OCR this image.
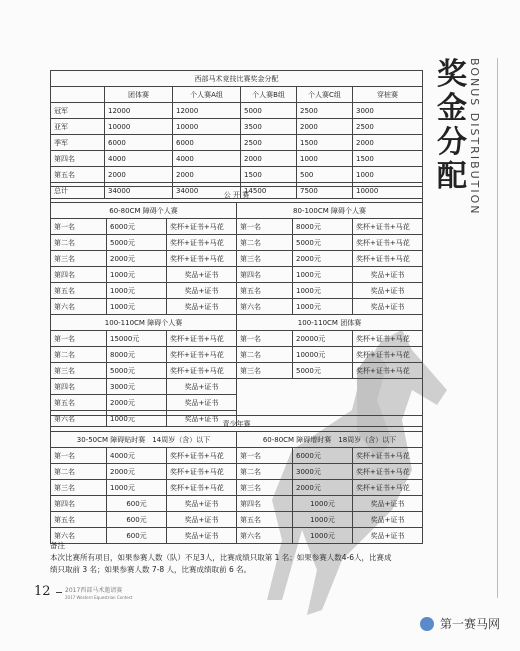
奖
金
分
配 BONUS DISTRIBUTION
西部马术竞技比赛奖金分配					
	团体赛	个人赛A组	个人赛B组	个人赛C组	穿桩赛
冠军	12000	12000	5000	2500	3000
亚军	10000	10000	3500	2000	2500
季军	6000	6000	2500	1500	2000
第四名	4000	4000	2000	1000	1500
第五名	2000	2000	1500	500	1000
总计	34000	34000	14500	7500	10000
公 开 赛					
60-80CM 障碍个人赛			80-100CM 障碍个人赛		
第一名	6000元	奖杯+证书+马花	第一名	8000元	奖杯+证书+马花
第二名	5000元	奖杯+证书+马花	第二名	5000元	奖杯+证书+马花
第三名	2000元	奖杯+证书+马花	第三名	2000元	奖杯+证书+马花
第四名	1000元	奖品+证书	第四名	1000元	奖品+证书
第五名	1000元	奖品+证书	第五名	1000元	奖品+证书
第六名	1000元	奖品+证书	第六名	1000元	奖品+证书
100-110CM 障碍个人赛			100-110CM 团体赛		
第一名	15000元	奖杯+证书+马花	第一名	20000元	奖杯+证书+马花
第二名	8000元	奖杯+证书+马花	第二名	10000元	奖杯+证书+马花
第三名	5000元	奖杯+证书+马花	第三名	5000元	奖杯+证书+马花
第四名	3000元	奖品+证书			
第五名	2000元	奖品+证书			
第六名	1000元	奖品+证书			
青少年赛					
30-50CM 障碍贴时赛　14周岁（含）以下			60-80CM 障碍增时赛　18周岁（含）以下		
第一名	4000元	奖杯+证书+马花	第一名	6000元	奖杯+证书+马花
第二名	2000元	奖杯+证书+马花	第二名	3000元	奖杯+证书+马花
第三名	1000元	奖杯+证书+马花	第三名	2000元	奖杯+证书+马花
第四名	600元	奖品+证书	第四名	1000元	奖品+证书
第五名	600元	奖品+证书	第五名	1000元	奖品+证书
第六名	600元	奖品+证书	第六名	1000元	奖品+证书
备注
本次比赛所有项目，如果参赛人数（队）不足3人，比赛成绩只取第 1 名；如果参赛人数4-6人，比赛成
绩只取前 3 名；如果参赛人数 7-8 人，比赛成绩取前 6 名。
12 2017西部马术邀请赛
2017 Western Equestrian Contest
第一赛马网
